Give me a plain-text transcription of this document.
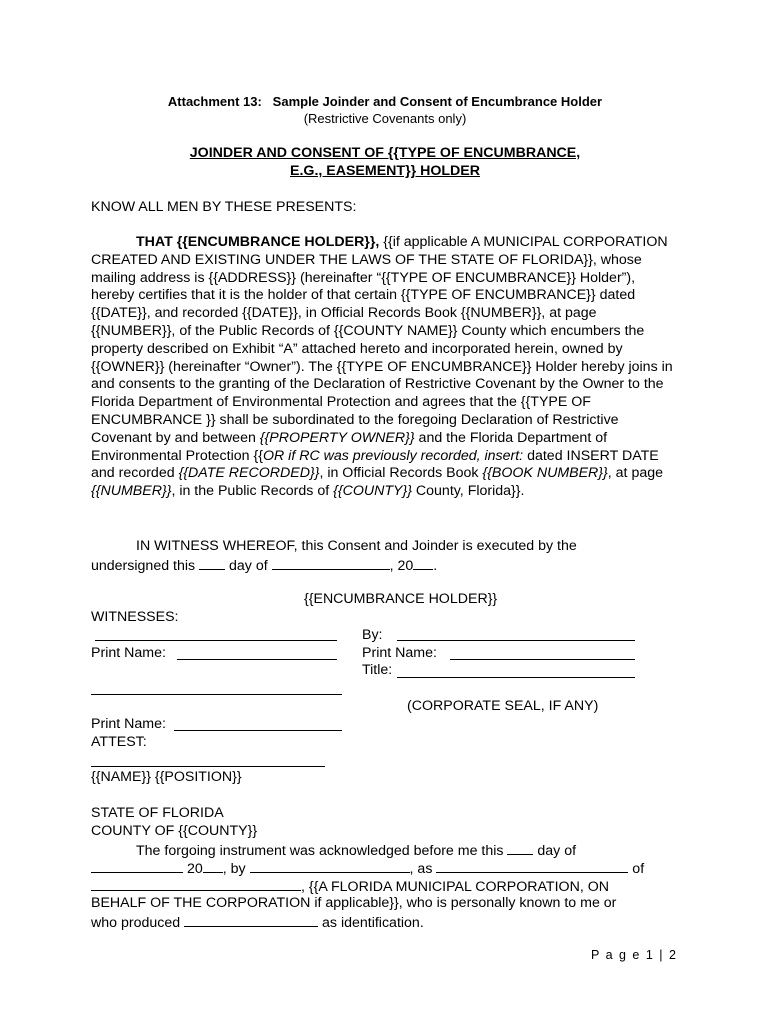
Attachment 13: Sample Joinder and Consent of Encumbrance Holder
(Restrictive Covenants only)
JOINDER AND CONSENT OF {{TYPE OF ENCUMBRANCE,
E.G., EASEMENT}} HOLDER
KNOW ALL MEN BY THESE PRESENTS:
THAT {{ENCUMBRANCE HOLDER}}, {{if applicable A MUNICIPAL CORPORATION CREATED AND EXISTING UNDER THE LAWS OF THE STATE OF FLORIDA}}, whose mailing address is {{ADDRESS}} (hereinafter “{{TYPE OF ENCUMBRANCE}} Holder”), hereby certifies that it is the holder of that certain {{TYPE OF ENCUMBRANCE}} dated {{DATE}}, and recorded {{DATE}}, in Official Records Book {{NUMBER}}, at page {{NUMBER}}, of the Public Records of {{COUNTY NAME}} County which encumbers the property described on Exhibit “A” attached hereto and incorporated herein, owned by {{OWNER}} (hereinafter “Owner”). The {{TYPE OF ENCUMBRANCE}} Holder hereby joins in and consents to the granting of the Declaration of Restrictive Covenant by the Owner to the Florida Department of Environmental Protection and agrees that the {{TYPE OF ENCUMBRANCE }} shall be subordinated to the foregoing Declaration of Restrictive Covenant by and between {{PROPERTY OWNER}} and the Florida Department of Environmental Protection {{OR if RC was previously recorded, insert: dated INSERT DATE and recorded {{DATE RECORDED}}, in Official Records Book {{BOOK NUMBER}}, at page {{NUMBER}}, in the Public Records of {{COUNTY}} County, Florida}}.
IN WITNESS WHEREOF, this Consent and Joinder is executed by the
undersigned this  day of	, 20 .
{{ENCUMBRANCE HOLDER}}
WITNESSES:
By:
Print Name:	Print Name:
Title:
(CORPORATE SEAL, IF ANY)
Print Name:
ATTEST:
{{NAME}} {{POSITION}}
STATE OF FLORIDA
COUNTY OF {{COUNTY}}
The forgoing instrument was acknowledged before me this  day of
20 , by	, as	of
, {{A FLORIDA MUNICIPAL CORPORATION, ON
BEHALF OF THE CORPORATION if applicable}}, who is personally known to me or
who produced	as identification.
P a g e 1 | 2
